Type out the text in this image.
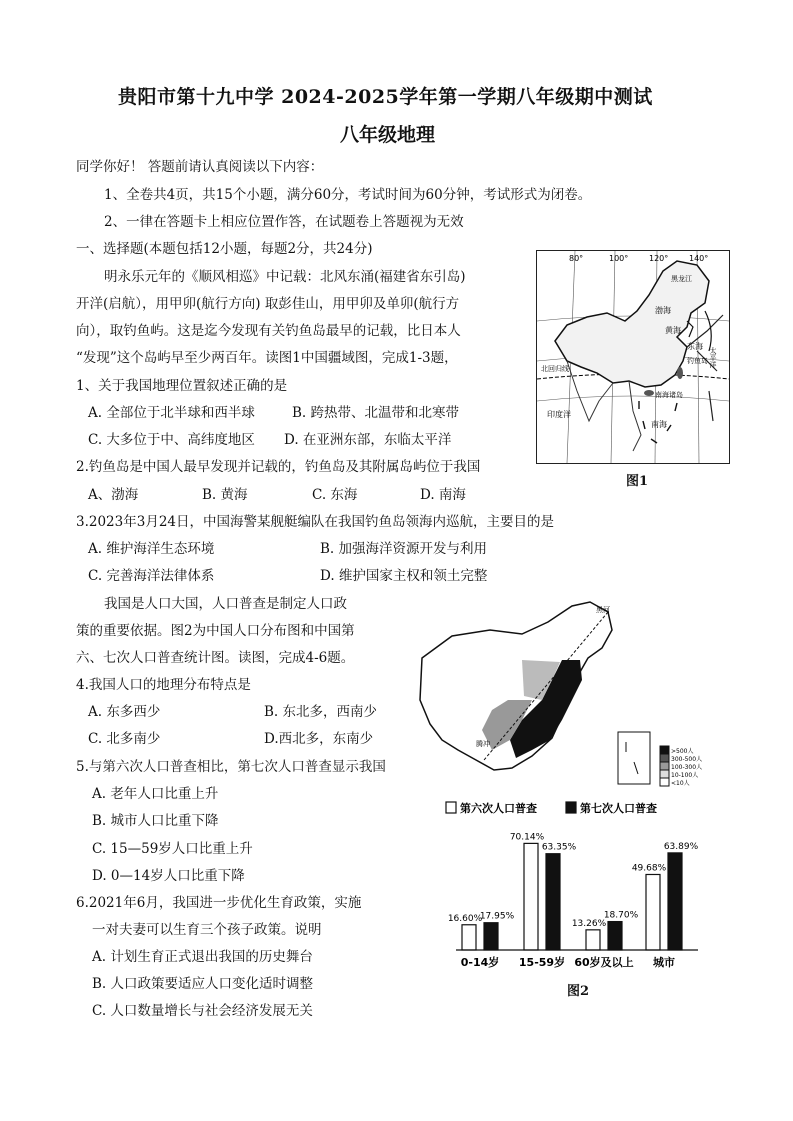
贵阳市第十九中学 2024-2025学年第一学期八年级期中测试
八年级地理
同学你好！ 答题前请认真阅读以下内容：
1、全卷共4页，共15个小题，满分60分，考试时间为60分钟，考试形式为闭卷。
2、一律在答题卡上相应位置作答，在试题卷上答题视为无效
一、选择题(本题包括12小题，每题2分，共24分)
明永乐元年的《顺风相巡》中记载：北风东涌(福建省东引岛)
开洋(启航），用甲卯(航行方向) 取彭佳山，用甲卯及单卯(航行方
向），取钓鱼屿。这是迄今发现有关钓鱼岛最早的记载，比日本人
“发现”这个岛屿早至少两百年。读图1中国疆域图，完成1-3题，
1、关于我国地理位置叙述正确的是
A. 全部位于北半球和西半球	B. 跨热带、北温带和北寒带
C. 大多位于中、高纬度地区 D. 在亚洲东部，东临太平洋
2.钓鱼岛是中国人最早发现并记载的，钓鱼岛及其附属岛屿位于我国
A、渤海	B. 黄海	C. 东海	D. 南海
3.2023年3月24日，中国海警某舰艇编队在我国钓鱼岛领海内巡航，主要目的是
A. 维护海洋生态环境	B. 加强海洋资源开发与利用
C. 完善海洋法律体系	D. 维护国家主权和领土完整
我国是人口大国，人口普查是制定人口政
策的重要依据。图2为中国人口分布图和中国第
六、七次人口普查统计图。读图，完成4-6题。
4.我国人口的地理分布特点是
A. 东多西少	B. 东北多，西南少
C. 北多南少	D.西北多，东南少
5.与第六次人口普查相比，第七次人口普查显示我国
A. 老年人口比重上升
B. 城市人口比重下降
C. 15—59岁人口比重上升
D. 0—14岁人口比重下降
6.2021年6月，我国进一步优化生育政策，实施
一对夫妻可以生育三个孩子政策。说明
A. 计划生育正式退出我国的历史舞台
B. 人口政策要适应人口变化适时调整
C. 人口数量增长与社会经济发展无关
80°	100°	120°	140°
黑龙江
渤海
黄海
东海
钓鱼岛
南海诸岛
南海
北回归线
太平洋
印度洋
图1
黑河
腾冲
>500人
300-500人
100-300人
10-100人
<10人
第六次人口普查	第七次人口普查
16.60%
17.95%
0-14岁
70.14%
63.35%
15-59岁
13.26%
18.70%
60岁及以上
49.68%
63.89%
城市
图2
